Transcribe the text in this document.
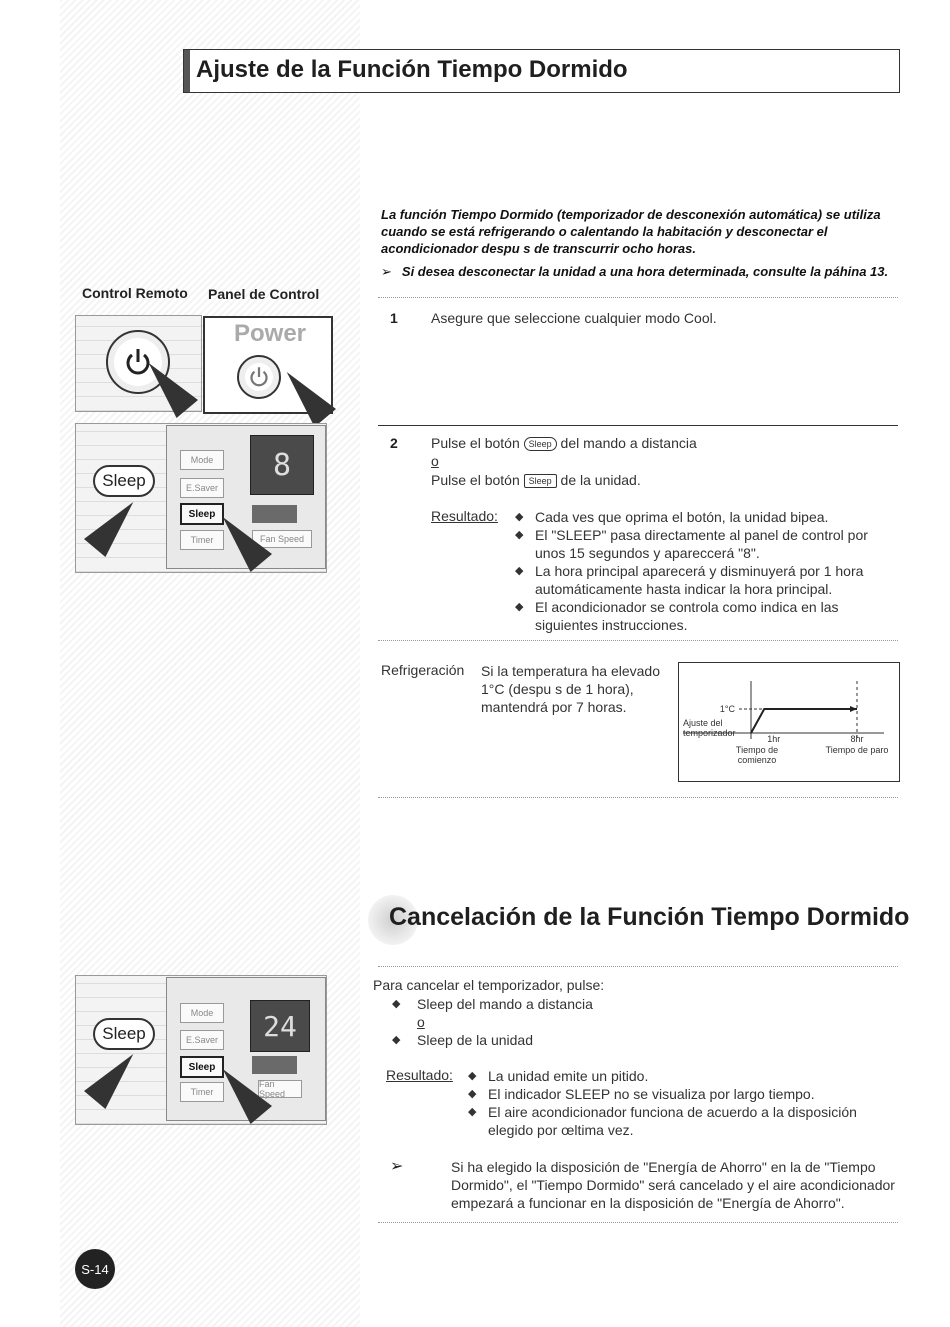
Ajuste de la Función Tiempo Dormido

La función Tiempo Dormido (temporizador de desconexión automática) se utiliza cuando se está refrigerando o calentando la habitación y desconectar el acondicionador despu s de transcurrir ocho horas.

➢ Si desea desconectar la unidad a una hora determinada, consulte la páhina 13.
Control Remoto Panel de Control
Power
Sleep
Mode
E.Saver
Sleep
Timer
8
Fan Speed
1 Asegure que seleccione cualquier modo Cool.
2 Pulse el botón Sleep del mando a distancia
o
Pulse el botón Sleep de la unidad.
Resultado:	◆ Cada ves que oprima el botón, la unidad bipea.
◆ El "SLEEP" pasa directamente al panel de control por unos 15 segundos y apareccerá "8".
◆ La hora principal aparecerá y disminuyerá por 1 hora automáticamente hasta indicar la hora principal.
◆ El acondicionador se controla como indica en las siguientes instrucciones.
Refrigeración Si la temperatura ha elevado 1°C (despu s de 1 hora), mantendrá por 7 horas.	1°C
Ajuste del
temporizador
1hr	8hr
Tiempo de
comienzo
Tiempo de paro
Sleep
Mode
E.Saver
Sleep
Timer
24
Fan Speed
Cancelación de la Función Tiempo Dormido
Para cancelar el temporizador, pulse:
◆ Sleep del mando a distancia
o
◆ Sleep de la unidad
Resultado:	◆ La unidad emite un pitido.
◆ El indicador SLEEP no se visualiza por largo tiempo.
◆ El aire acondicionador funciona de acuerdo a la disposición elegido por œltima vez.
➢	Si ha elegido la disposición de "Energía de Ahorro" en la de "Tiempo Dormido", el "Tiempo Dormido" será cancelado y el aire acondicionador empezará a funcionar en la disposición de "Energía de Ahorro".

S-14
